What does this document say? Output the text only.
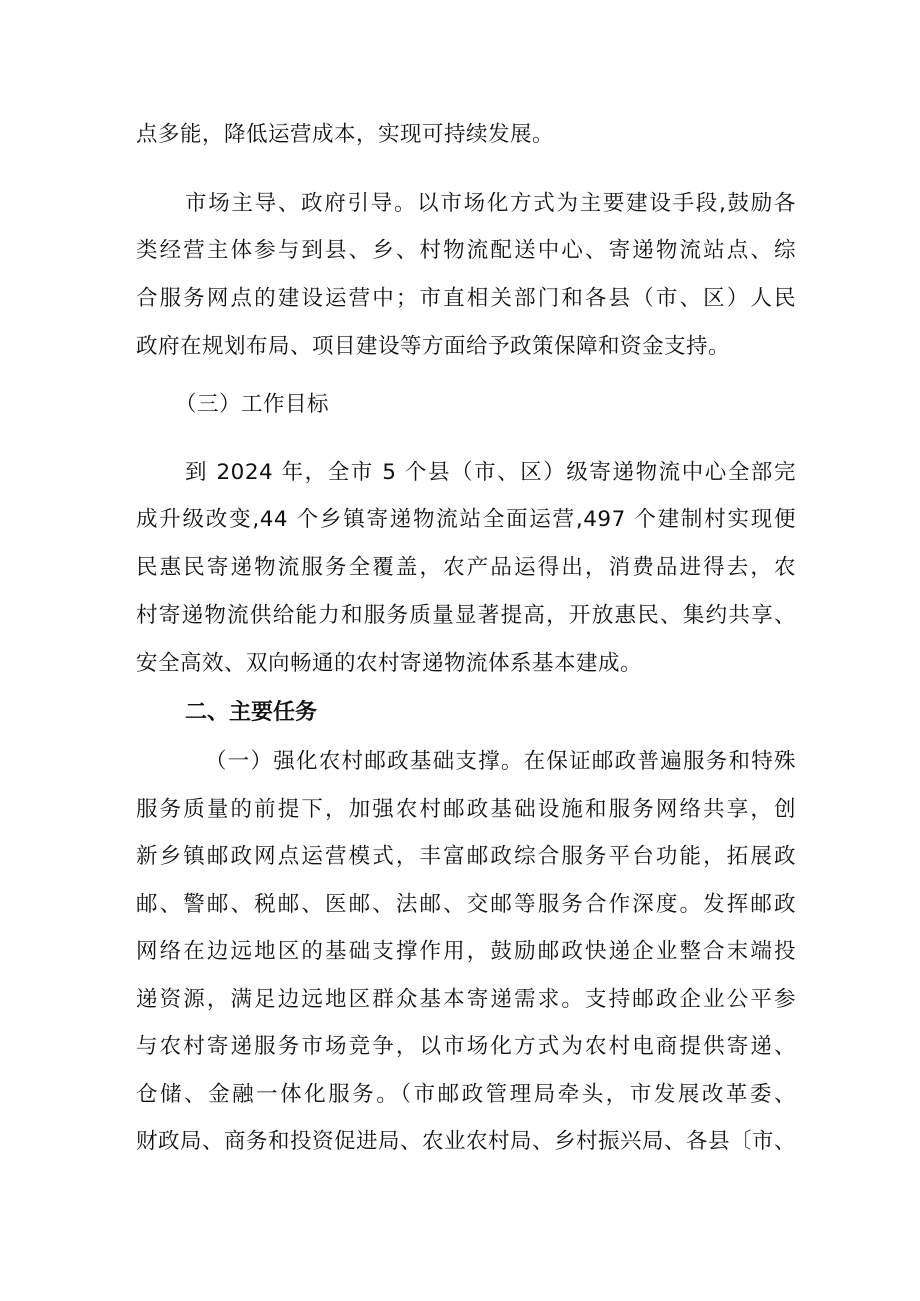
点多能，降低运营成本，实现可持续发展。
市场主导、政府引导。以市场化方式为主要建设手段,鼓励各
类经营主体参与到县、乡、村物流配送中心、寄递物流站点、综
合服务网点的建设运营中；市直相关部门和各县（市、区）人民
政府在规划布局、项目建设等方面给予政策保障和资金支持。
（三）工作目标
到 2024 年，全市 5 个县（市、区）级寄递物流中心全部完
成升级改变,44 个乡镇寄递物流站全面运营,497 个建制村实现便
民惠民寄递物流服务全覆盖，农产品运得出，消费品进得去，农
村寄递物流供给能力和服务质量显著提高，开放惠民、集约共享、
安全高效、双向畅通的农村寄递物流体系基本建成。
二、主要任务
（一）强化农村邮政基础支撑。在保证邮政普遍服务和特殊
服务质量的前提下，加强农村邮政基础设施和服务网络共享，创
新乡镇邮政网点运营模式，丰富邮政综合服务平台功能，拓展政
邮、警邮、税邮、医邮、法邮、交邮等服务合作深度。发挥邮政
网络在边远地区的基础支撑作用，鼓励邮政快递企业整合末端投
递资源，满足边远地区群众基本寄递需求。支持邮政企业公平参
与农村寄递服务市场竞争，以市场化方式为农村电商提供寄递、
仓储、金融一体化服务。（市邮政管理局牵头，市发展改革委、
财政局、商务和投资促进局、农业农村局、乡村振兴局、各县〔市、
